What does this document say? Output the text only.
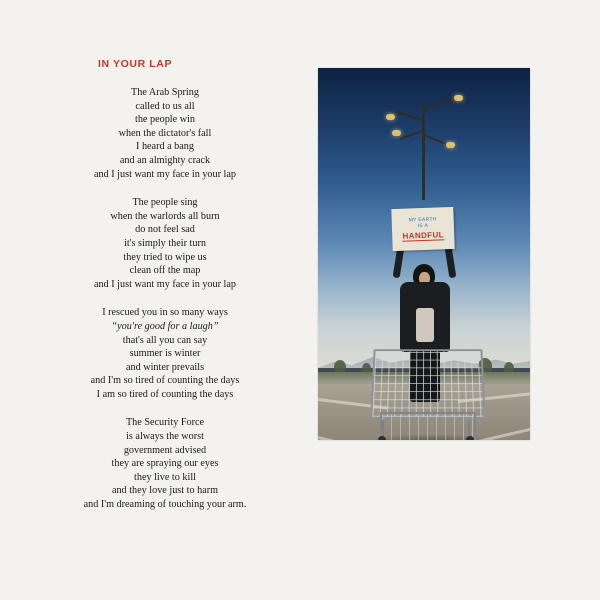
IN YOUR LAP
The Arab Spring
called to us all
the people win
when the dictator's fall
I heard a bang
and an almighty crack
and I just want my face in your lap
The people sing
when the warlords all burn
do not feel sad
it's simply their turn
they tried to wipe us
clean off the map
and I just want my face in your lap
I rescued you in so many ways
“you're good for a laugh”
that's all you can say
summer is winter
and winter prevails
and I'm so tired of counting the days
I am so tired of counting the days
The Security Force
is always the worst
government advised
they are spraying our eyes
they live to kill
and they love just to harm
and I'm dreaming of touching your arm.
MY EARTH
IS A
HANDFUL
